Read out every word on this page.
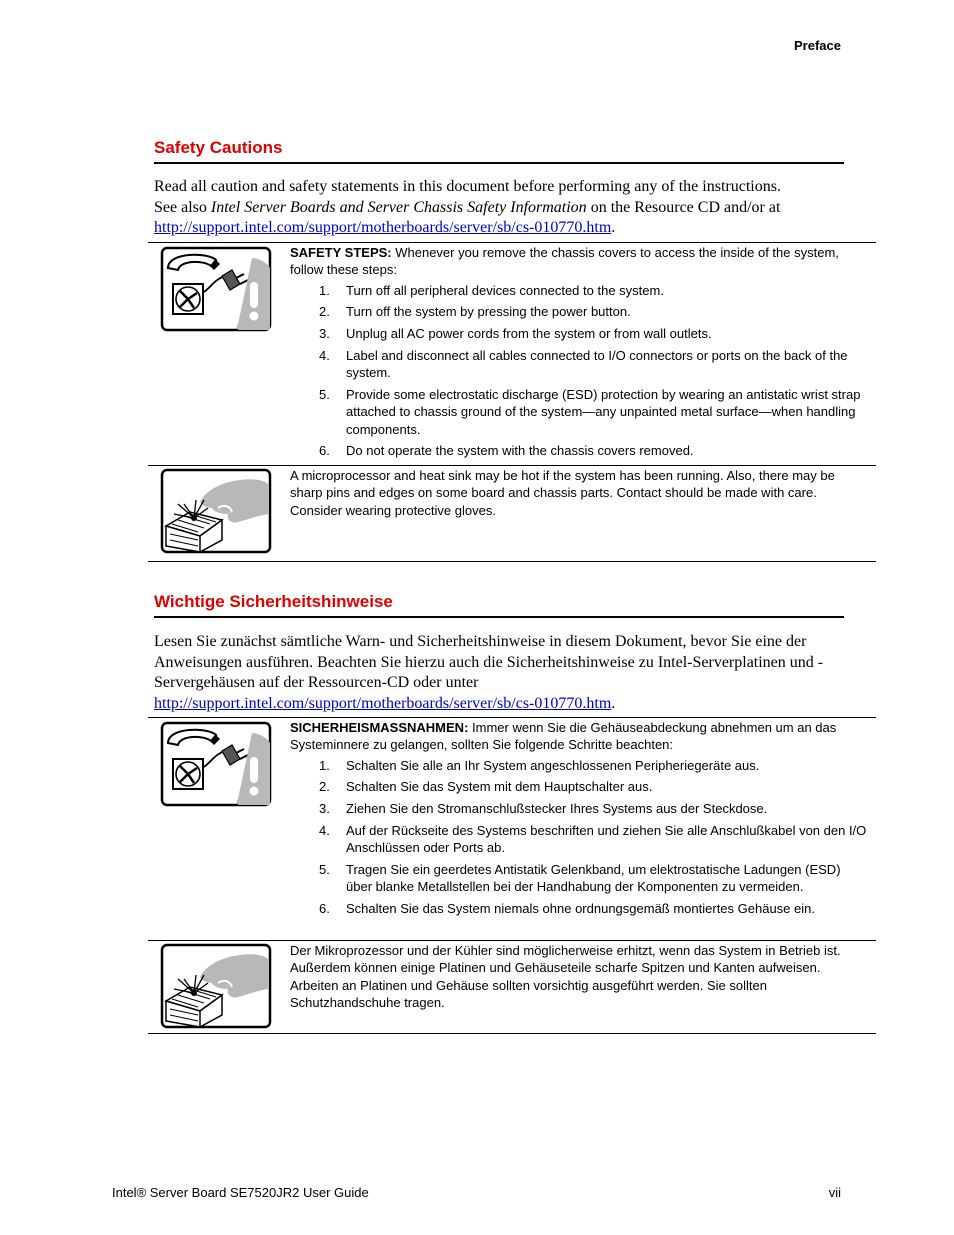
Preface
Safety Cautions
Read all caution and safety statements in this document before performing any of the instructions.
See also Intel Server Boards and Server Chassis Safety Information on the Resource CD and/or at
http://support.intel.com/support/motherboards/server/sb/cs-010770.htm.
SAFETY STEPS: Whenever you remove the chassis covers to access the inside of the system, follow these steps:
1. Turn off all peripheral devices connected to the system.
2. Turn off the system by pressing the power button.
3. Unplug all AC power cords from the system or from wall outlets.
4. Label and disconnect all cables connected to I/O connectors or ports on the back of the system.
5. Provide some electrostatic discharge (ESD) protection by wearing an antistatic wrist strap attached to chassis ground of the system—any unpainted metal surface—when handling components.
6. Do not operate the system with the chassis covers removed.
A microprocessor and heat sink may be hot if the system has been running. Also, there may be sharp pins and edges on some board and chassis parts. Contact should be made with care. Consider wearing protective gloves.
Wichtige Sicherheitshinweise
Lesen Sie zunächst sämtliche Warn- und Sicherheitshinweise in diesem Dokument, bevor Sie eine der Anweisungen ausführen. Beachten Sie hierzu auch die Sicherheitshinweise zu Intel-Serverplatinen und -Servergehäusen auf der Ressourcen-CD oder unter
http://support.intel.com/support/motherboards/server/sb/cs-010770.htm.
SICHERHEISMASSNAHMEN: Immer wenn Sie die Gehäuseabdeckung abnehmen um an das Systeminnere zu gelangen, sollten Sie folgende Schritte beachten:
1. Schalten Sie alle an Ihr System angeschlossenen Peripheriegeräte aus.
2. Schalten Sie das System mit dem Hauptschalter aus.
3. Ziehen Sie den Stromanschlußstecker Ihres Systems aus der Steckdose.
4. Auf der Rückseite des Systems beschriften und ziehen Sie alle Anschlußkabel von den I/O Anschlüssen oder Ports ab.
5. Tragen Sie ein geerdetes Antistatik Gelenkband, um elektrostatische Ladungen (ESD) über blanke Metallstellen bei der Handhabung der Komponenten zu vermeiden.
6. Schalten Sie das System niemals ohne ordnungsgemäß montiertes Gehäuse ein.
Der Mikroprozessor und der Kühler sind möglicherweise erhitzt, wenn das System in Betrieb ist. Außerdem können einige Platinen und Gehäuseteile scharfe Spitzen und Kanten aufweisen. Arbeiten an Platinen und Gehäuse sollten vorsichtig ausgeführt werden. Sie sollten Schutzhandschuhe tragen.
Intel® Server Board SE7520JR2 User Guide	vii
